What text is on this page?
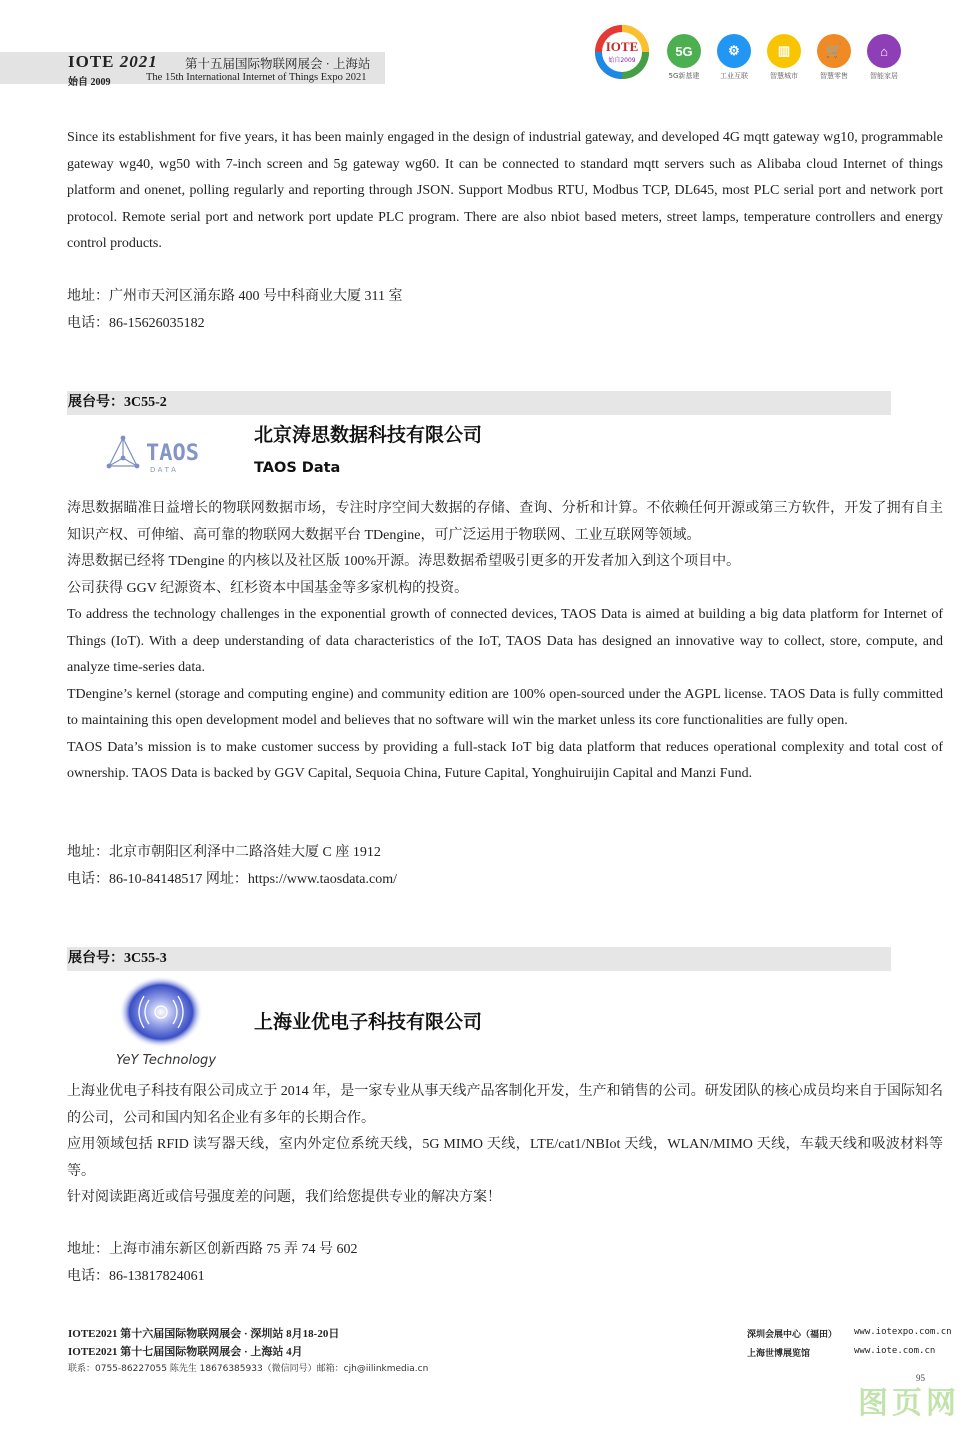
IOTE 2021
始自 2009
第十五届国际物联网展会 · 上海站
The 15th International Internet of Things Expo 2021
IOTE
始自2009
5G
5G新基建
⚙
工业互联
▥
智慧城市
🛒
智慧零售
⌂
智能家居
Since its establishment for five years, it has been mainly engaged in the design of industrial gateway, and developed 4G mqtt gateway wg10, programmable gateway wg40, wg50 with 7-inch screen and 5g gateway wg60. It can be connected to standard mqtt servers such as Alibaba cloud Internet of things platform and onenet, polling regularly and reporting through JSON. Support Modbus RTU, Modbus TCP, DL645, most PLC serial port and network port protocol. Remote serial port and network port update PLC program. There are also nbiot based meters, street lamps, temperature controllers and energy control products.
地址：广州市天河区涌东路 400 号中科商业大厦 311 室
电话：86-15626035182
展台号：3C55-2
TAOS
D A T A
北京涛思数据科技有限公司
TAOS Data
涛思数据瞄准日益增长的物联网数据市场，专注时序空间大数据的存储、查询、分析和计算。不依赖任何开源或第三方软件，开发了拥有自主知识产权、可伸缩、高可靠的物联网大数据平台 TDengine，可广泛运用于物联网、工业互联网等领域。
涛思数据已经将 TDengine 的内核以及社区版 100%开源。涛思数据希望吸引更多的开发者加入到这个项目中。
公司获得 GGV 纪源资本、红杉资本中国基金等多家机构的投资。
To address the technology challenges in the exponential growth of connected devices, TAOS Data is aimed at building a big data platform for Internet of Things (IoT). With a deep understanding of data characteristics of the IoT, TAOS Data has designed an innovative way to collect, store, compute, and analyze time-series data.
TDengine’s kernel (storage and computing engine) and community edition are 100% open-sourced under the AGPL license. TAOS Data is fully committed to maintaining this open development model and believes that no software will win the market unless its core functionalities are fully open.
TAOS Data’s mission is to make customer success by providing a full-stack IoT big data platform that reduces operational complexity and total cost of ownership. TAOS Data is backed by GGV Capital, Sequoia China, Future Capital, Yonghuiruijin Capital and Manzi Fund.
地址：北京市朝阳区利泽中二路洛娃大厦 C 座 1912
电话：86-10-84148517 网址：https://www.taosdata.com/
展台号：3C55-3
YeY Technology
上海业优电子科技有限公司
上海业优电子科技有限公司成立于 2014 年，是一家专业从事天线产品客制化开发，生产和销售的公司。研发团队的核心成员均来自于国际知名的公司，公司和国内知名企业有多年的长期合作。
应用领域包括 RFID 读写器天线，室内外定位系统天线，5G MIMO 天线，LTE/cat1/NBIot 天线，WLAN/MIMO 天线，车载天线和吸波材料等等。
针对阅读距离近或信号强度差的问题，我们给您提供专业的解决方案！
地址：上海市浦东新区创新西路 75 弄 74 号 602
电话：86-13817824061
IOTE2021 第十六届国际物联网展会 · 深圳站 8月18-20日
IOTE2021 第十七届国际物联网展会 · 上海站 4月
联系：0755-86227055 陈先生 18676385933（微信同号）邮箱：cjh@iilinkmedia.cn
深圳会展中心（福田）
上海世博展览馆
www.iotexpo.com.cn
www.iote.com.cn
图页网
95
